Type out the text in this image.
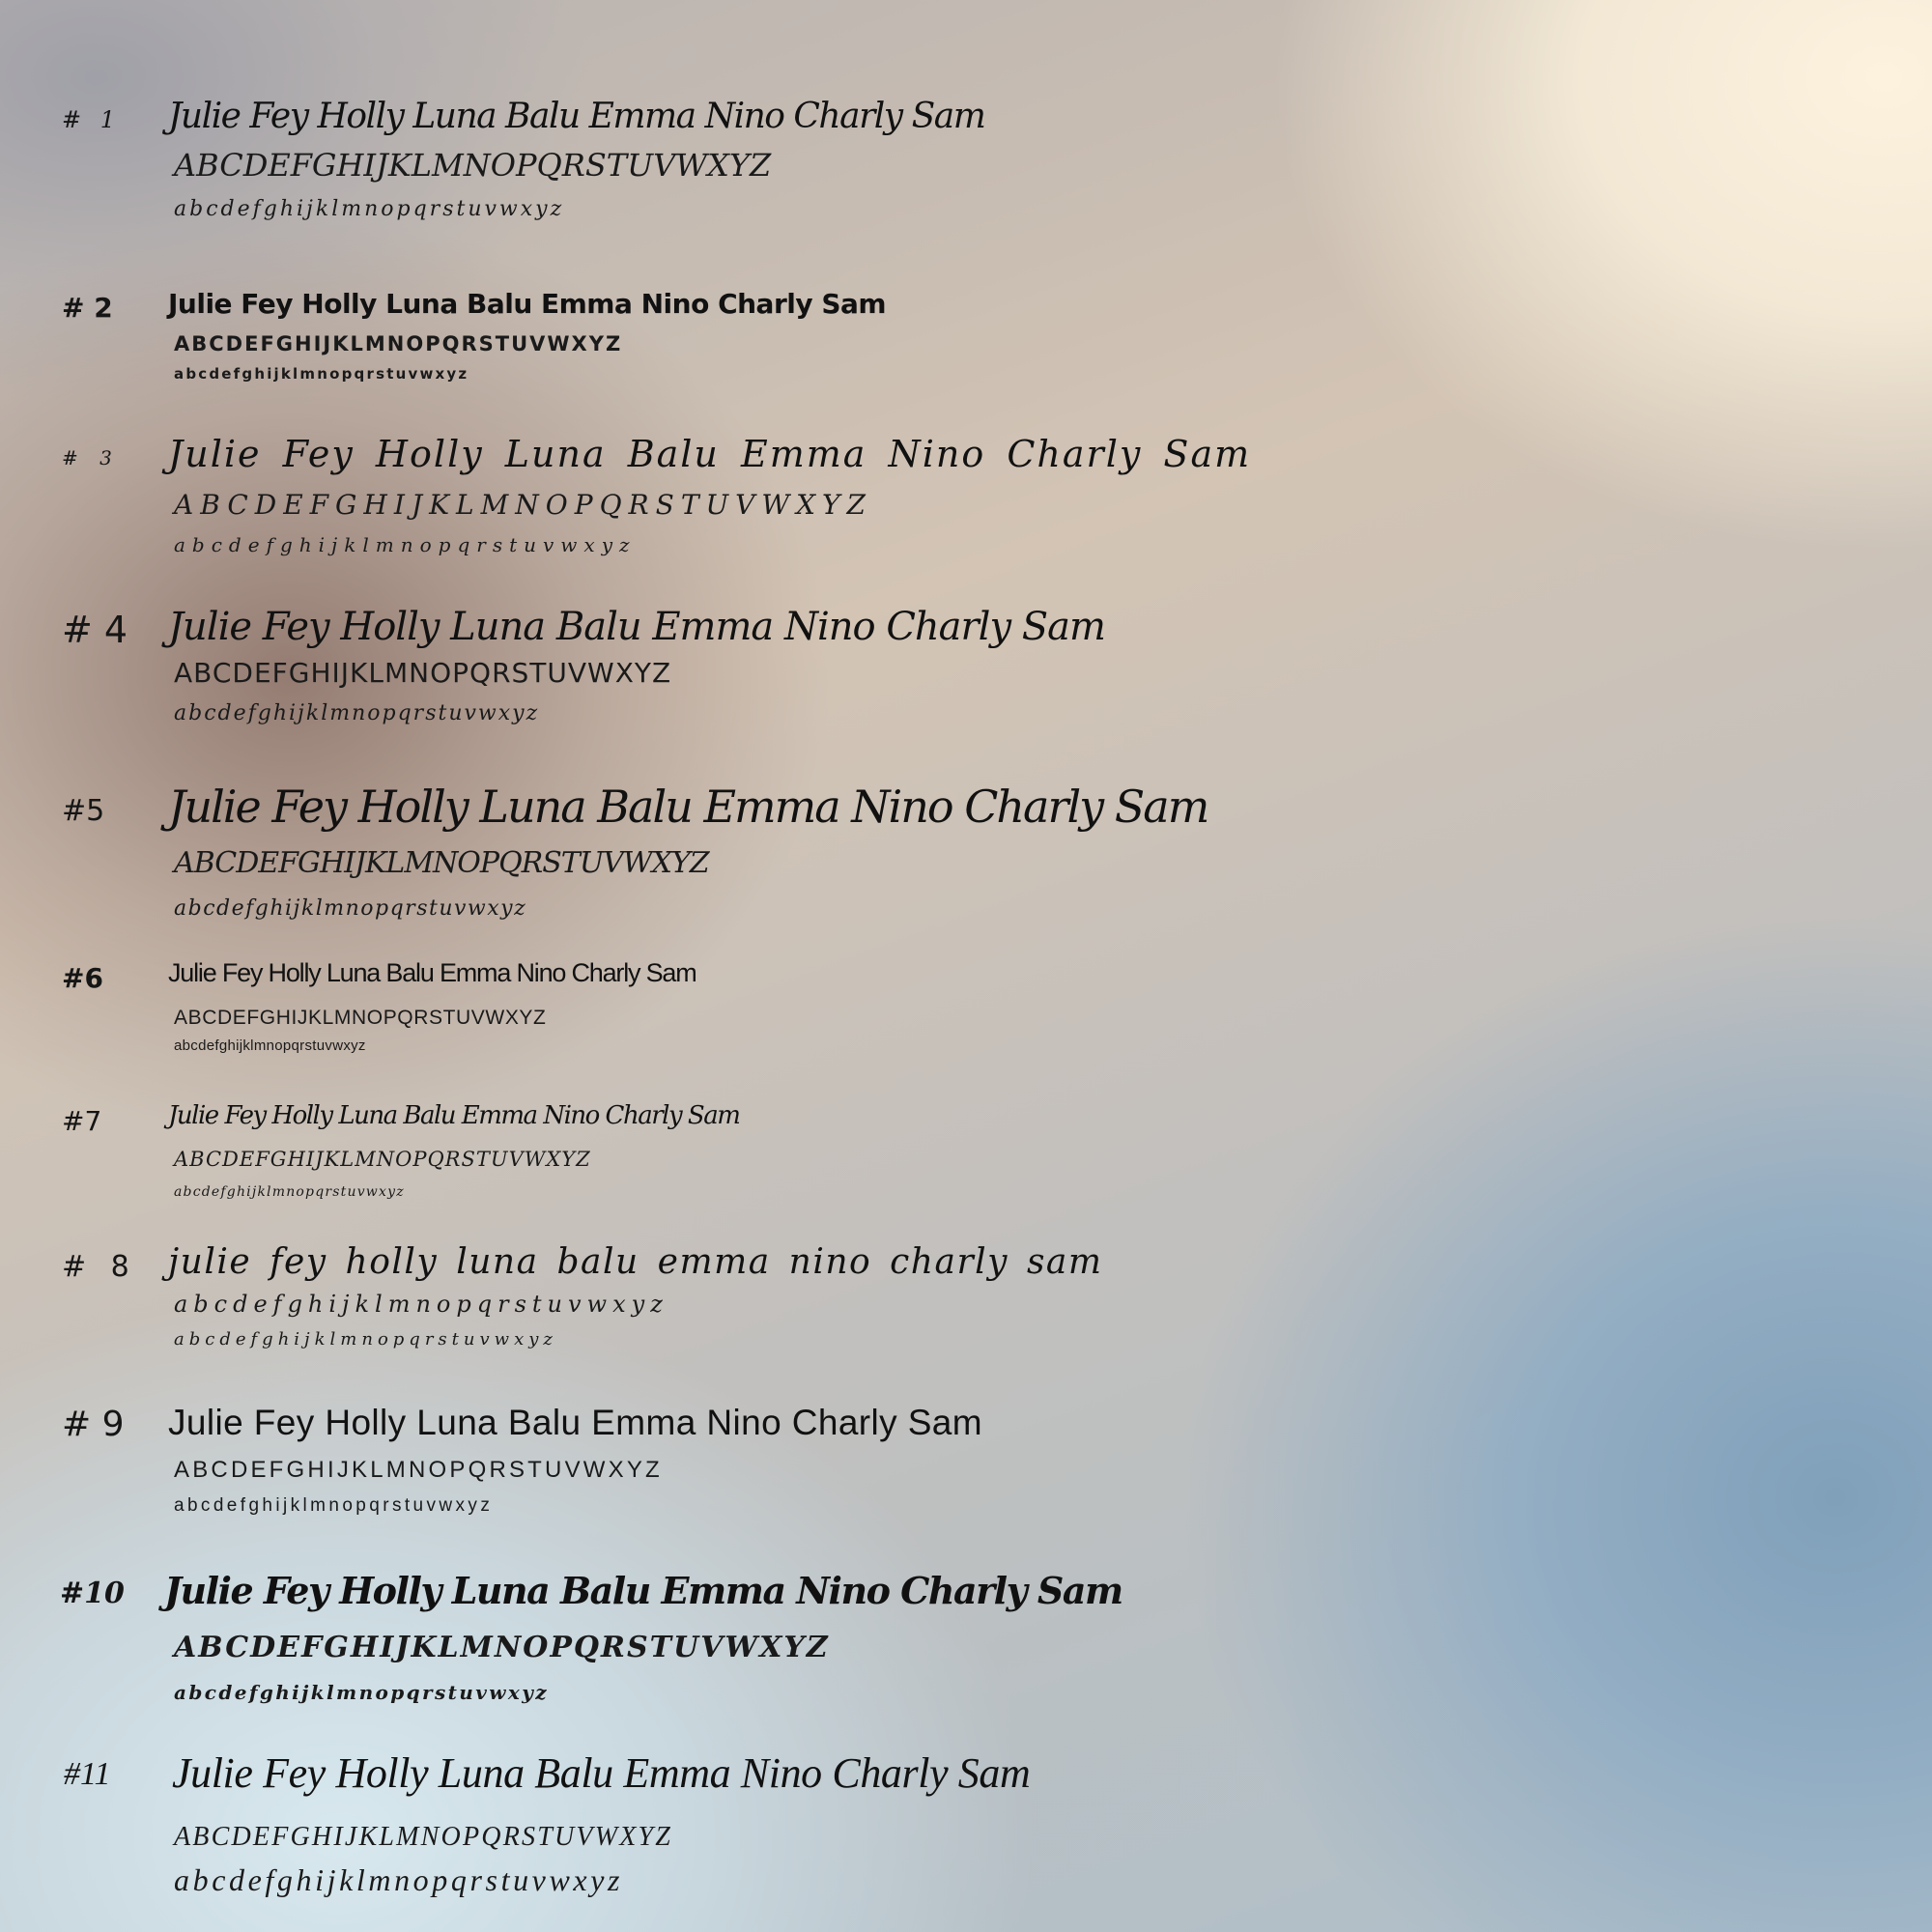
# 1 Julie Fey Holly Luna Balu Emma Nino Charly Sam
ABCDEFGHIJKLMNOPQRSTUVWXYZ
abcdefghijklmnopqrstuvwxyz
# 2 Julie Fey Holly Luna Balu Emma Nino Charly Sam
ABCDEFGHIJKLMNOPQRSTUVWXYZ
abcdefghijklmnopqrstuvwxyz
# 3 Julie Fey Holly Luna Balu Emma Nino Charly Sam
ABCDEFGHIJKLMNOPQRSTUVWXYZ
abcdefghijklmnopqrstuvwxyz
# 4 Julie Fey Holly Luna Balu Emma Nino Charly Sam
ABCDEFGHIJKLMNOPQRSTUVWXYZ
abcdefghijklmnopqrstuvwxyz
#5 Julie Fey Holly Luna Balu Emma Nino Charly Sam
ABCDEFGHIJKLMNOPQRSTUVWXYZ
abcdefghijklmnopqrstuvwxyz
#6 Julie Fey Holly Luna Balu Emma Nino Charly Sam
ABCDEFGHIJKLMNOPQRSTUVWXYZ
abcdefghijklmnopqrstuvwxyz
#7	Julie Fey Holly Luna Balu Emma Nino Charly Sam
ABCDEFGHIJKLMNOPQRSTUVWXYZ
abcdefghijklmnopqrstuvwxyz
# 8 julie fey holly luna balu emma nino charly sam
abcdefghijklmnopqrstuvwxyz
abcdefghijklmnopqrstuvwxyz
# 9 Julie Fey Holly Luna Balu Emma Nino Charly Sam
ABCDEFGHIJKLMNOPQRSTUVWXYZ
abcdefghijklmnopqrstuvwxyz
#10 Julie Fey Holly Luna Balu Emma Nino Charly Sam
ABCDEFGHIJKLMNOPQRSTUVWXYZ
abcdefghijklmnopqrstuvwxyz
#11 Julie Fey Holly Luna Balu Emma Nino Charly Sam
ABCDEFGHIJKLMNOPQRSTUVWXYZ
abcdefghijklmnopqrstuvwxyz
